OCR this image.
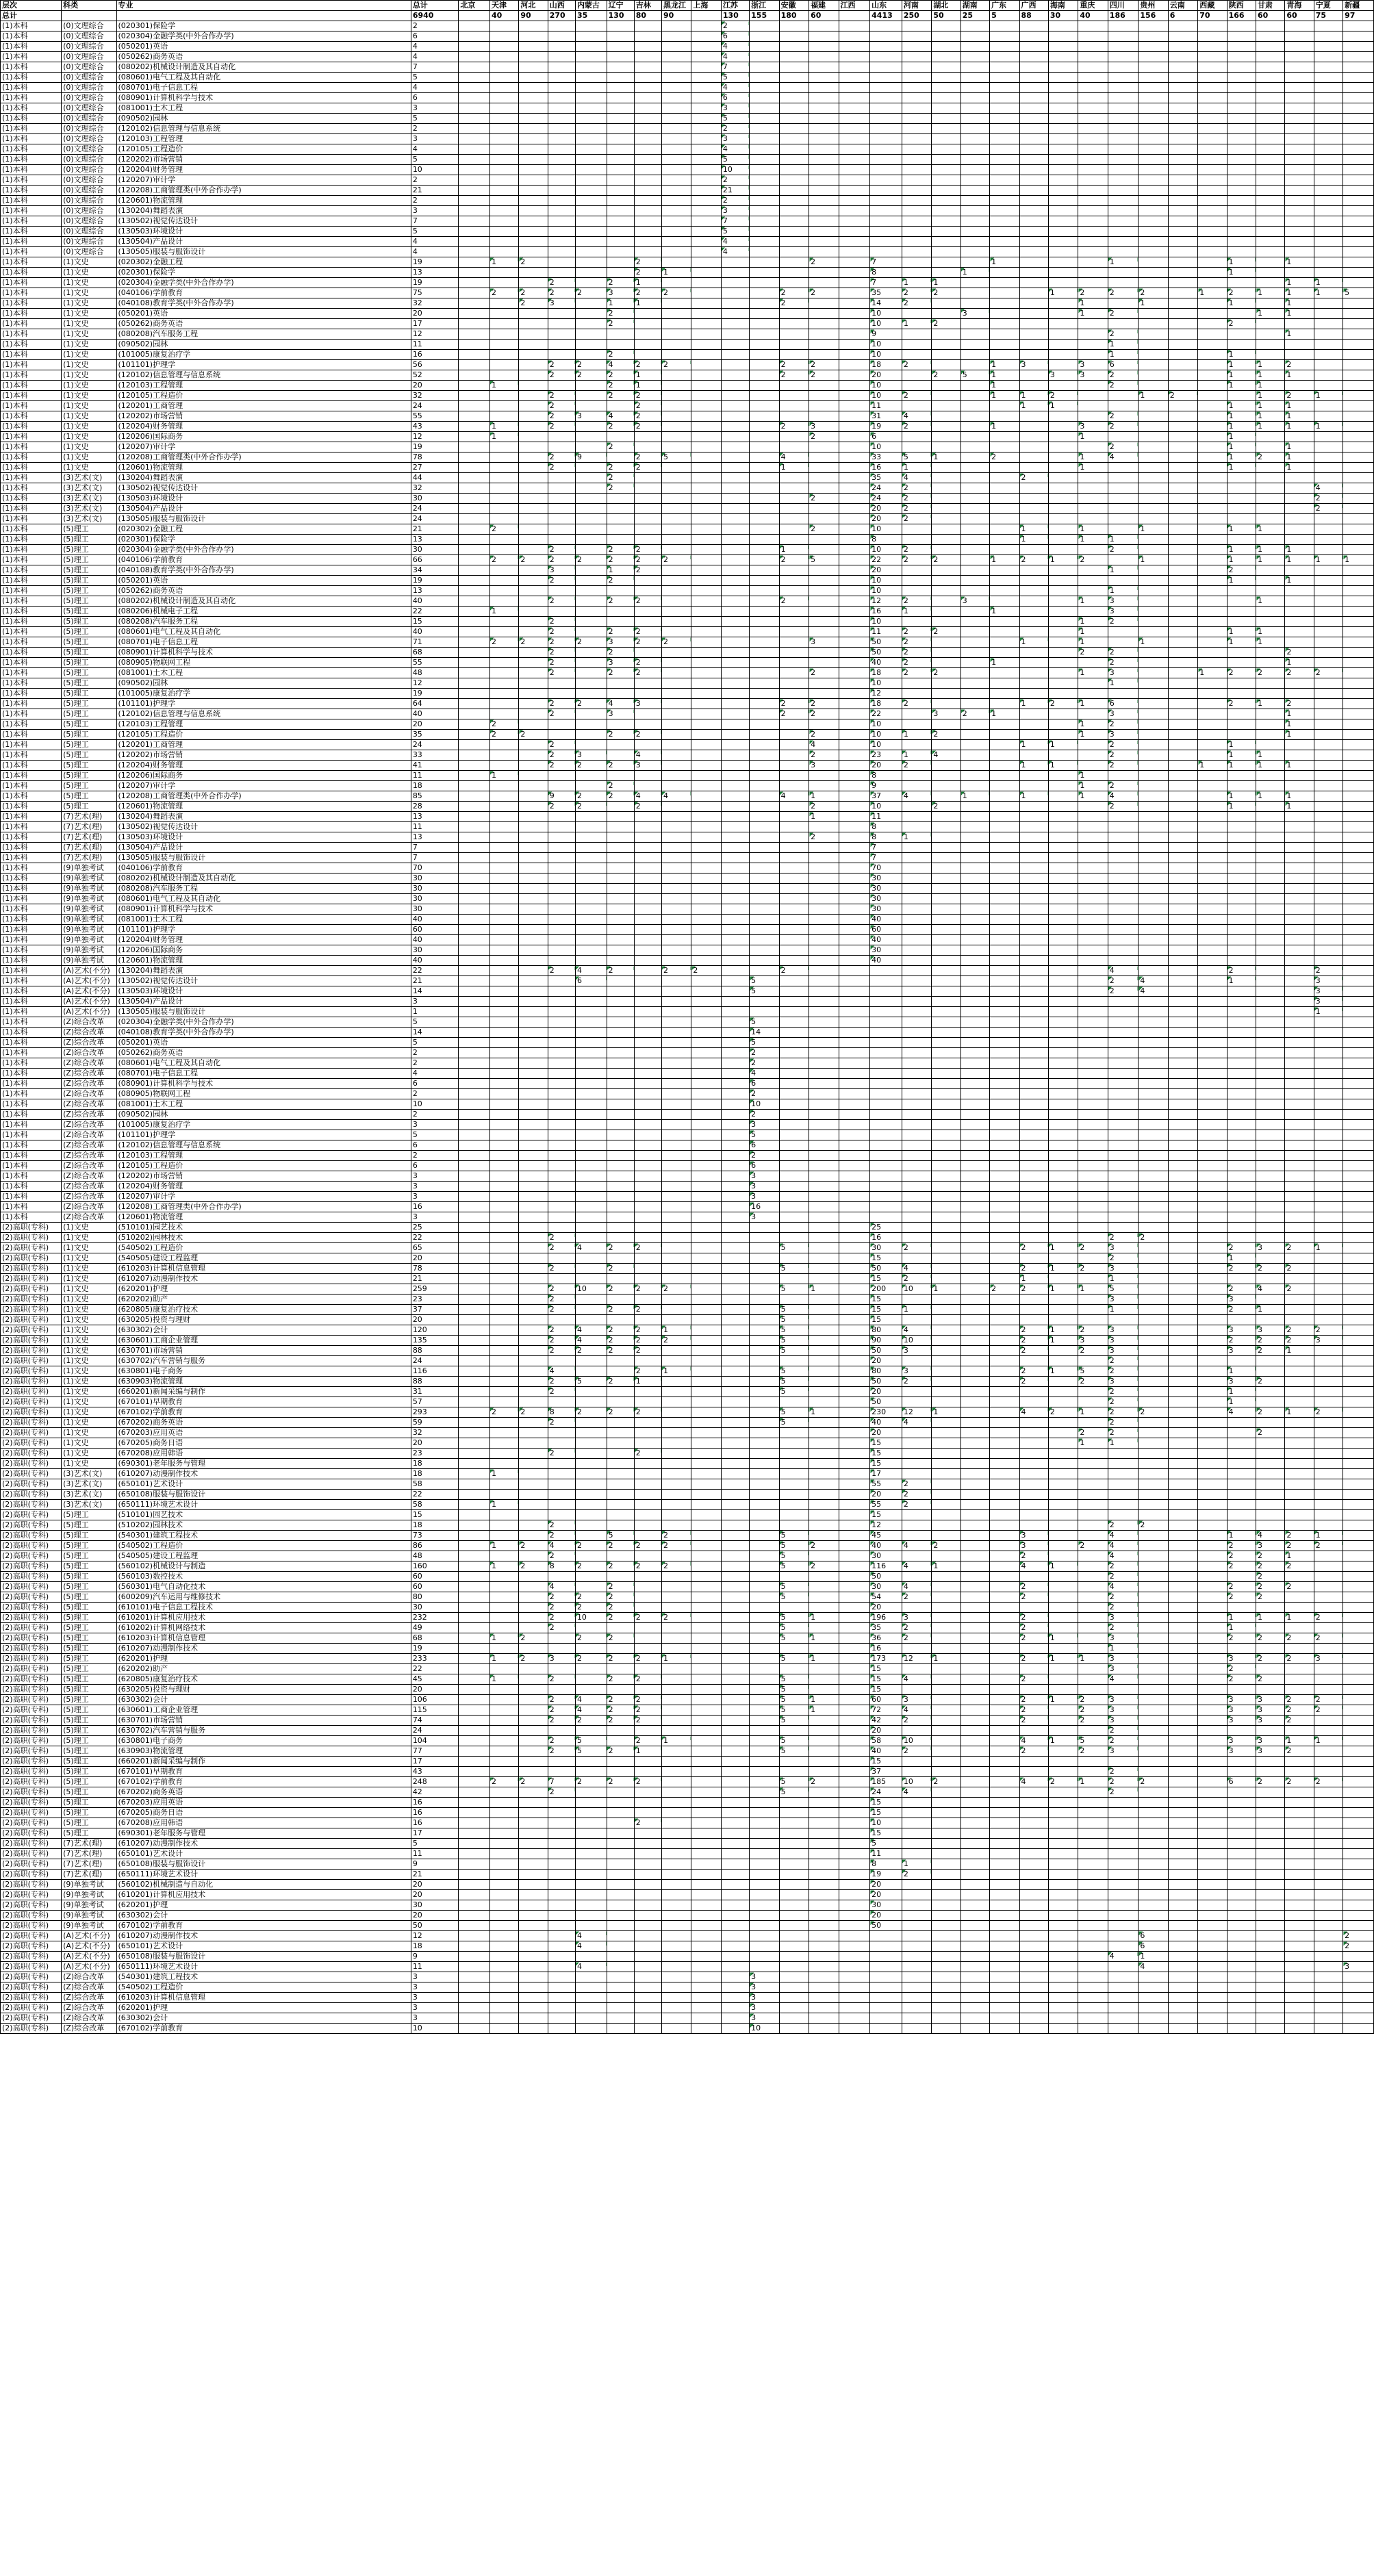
层次	科类	专业	总计	北京	天津	河北	山西	内蒙古	辽宁	吉林	黑龙江	上海	江苏	浙江	安徽	福建	江西	山东	河南	湖北	湖南	广东	广西	海南	重庆	四川	贵州	云南	西藏	陕西	甘肃	青海	宁夏	新疆
总计			6940		40	90	270	35	130	80	90		130	155	180	60		4413	250	50	25	5	88	30	40	186	156	6	70	166	60	60	75	97
(1)本科	(0)文理综合	(020301)保险学	2										2																					
(1)本科	(0)文理综合	(020304)金融学类(中外合作办学)	6										6																					
(1)本科	(0)文理综合	(050201)英语	4										4																					
(1)本科	(0)文理综合	(050262)商务英语	4										4																					
(1)本科	(0)文理综合	(080202)机械设计制造及其自动化	7										7																					
(1)本科	(0)文理综合	(080601)电气工程及其自动化	5										5																					
(1)本科	(0)文理综合	(080701)电子信息工程	4										4																					
(1)本科	(0)文理综合	(080901)计算机科学与技术	6										6																					
(1)本科	(0)文理综合	(081001)土木工程	3										3																					
(1)本科	(0)文理综合	(090502)园林	5										5																					
(1)本科	(0)文理综合	(120102)信息管理与信息系统	2										2																					
(1)本科	(0)文理综合	(120103)工程管理	3										3																					
(1)本科	(0)文理综合	(120105)工程造价	4										4																					
(1)本科	(0)文理综合	(120202)市场营销	5										5																					
(1)本科	(0)文理综合	(120204)财务管理	10										10																					
(1)本科	(0)文理综合	(120207)审计学	2										2																					
(1)本科	(0)文理综合	(120208)工商管理类(中外合作办学)	21										21																					
(1)本科	(0)文理综合	(120601)物流管理	2										2																					
(1)本科	(0)文理综合	(130204)舞蹈表演	3										3																					
(1)本科	(0)文理综合	(130502)视觉传达设计	7										7																					
(1)本科	(0)文理综合	(130503)环境设计	5										5																					
(1)本科	(0)文理综合	(130504)产品设计	4										4																					
(1)本科	(0)文理综合	(130505)服装与服饰设计	4										4																					
(1)本科	(1)文史	(020302)金融工程	19		1	2				2						2		7				1				1				1		1		
(1)本科	(1)文史	(020301)保险学	13							2	1							8			1									1				
(1)本科	(1)文史	(020304)金融学类(中外合作办学)	19				2		2	1								7	1	1												1	1	
(1)本科	(1)文史	(040106)学前教育	75		2	2	2	2	3	2	2				2	2		35	2	2				1	2	2	2		1	2	1	1	1	5
(1)本科	(1)文史	(040108)教育学类(中外合作办学)	32			2	3		1	1					2			14	2						1		1			1		1		
(1)本科	(1)文史	(050201)英语	20						2									10			3				1	2					1	1		
(1)本科	(1)文史	(050262)商务英语	17						2									10	1	2										2				
(1)本科	(1)文史	(080208)汽车服务工程	12															9								2						1		
(1)本科	(1)文史	(090502)园林	11															10								1								
(1)本科	(1)文史	(101005)康复治疗学	16						2									10								1				1				
(1)本科	(1)文史	(101101)护理学	56				2	2	4	2	2				2	2		18	2			1	3		3	6				1	1	2		
(1)本科	(1)文史	(120102)信息管理与信息系统	52				2	2	2	1					2	2		20		2	5	1		3	3	2				1	1	1		
(1)本科	(1)文史	(120103)工程管理	20		1				2	1								10				1				2				1	1			
(1)本科	(1)文史	(120105)工程造价	32				2		2	2								10	2			1	1	2			1	2			1	2	1	
(1)本科	(1)文史	(120201)工商管理	24				2			2								11					1	1						1	1	1		
(1)本科	(1)文史	(120202)市场营销	55				2	3	4	2								31	4							2				1	1	1		
(1)本科	(1)文史	(120204)财务管理	43		1		2		2	2					2	3		19	2			1			3	2				1	1	1	1	
(1)本科	(1)文史	(120206)国际商务	12		1											2		6							1					1				
(1)本科	(1)文史	(120207)审计学	19						2									10								2				1		1		
(1)本科	(1)文史	(120208)工商管理类(中外合作办学)	78				2	9		2	5				4			33	5	1		2			1	4				1	2	1		
(1)本科	(1)文史	(120601)物流管理	27				2		2	2					1			16	1						1					1		1		
(1)本科	(3)艺术(文)	(130204)舞蹈表演	44						2									35	4				2											
(1)本科	(3)艺术(文)	(130502)视觉传达设计	32						2									24	2														4	
(1)本科	(3)艺术(文)	(130503)环境设计	30													2		24	2														2	
(1)本科	(3)艺术(文)	(130504)产品设计	24															20	2														2	
(1)本科	(3)艺术(文)	(130505)服装与服饰设计	24															20	2															
(1)本科	(5)理工	(020302)金融工程	21		2											2		10					1		1		1			1	1			
(1)本科	(5)理工	(020301)保险学	13															8					1		1	1								
(1)本科	(5)理工	(020304)金融学类(中外合作办学)	30				2		2	2					1			10	2							2				1	1	1		
(1)本科	(5)理工	(040106)学前教育	66		2	2	2	2	2	2	2				2	5		22	2	2		1	2	1	2		1			1	1	1	1	1
(1)本科	(5)理工	(040108)教育学类(中外合作办学)	34				3		1	2								20								1				2				
(1)本科	(5)理工	(050201)英语	19				2		2									10												1		1		
(1)本科	(5)理工	(050262)商务英语	13															10								1								
(1)本科	(5)理工	(080202)机械设计制造及其自动化	40				2		2	2					2			12	2		3				1	3					1			
(1)本科	(5)理工	(080206)机械电子工程	22		1													16	1			1				3								
(1)本科	(5)理工	(080208)汽车服务工程	15				2											10							1	2								
(1)本科	(5)理工	(080601)电气工程及其自动化	40				2		2	2								11	2	2					1					1	1			
(1)本科	(5)理工	(080701)电子信息工程	71		2	2	2	2	3	2	2					3		50	2				1		1		1			1	1			
(1)本科	(5)理工	(080901)计算机科学与技术	68				2		2									50	2						2	2						2		
(1)本科	(5)理工	(080905)物联网工程	55				2		3	2								40	2			1				2						1		
(1)本科	(5)理工	(081001)土木工程	48				2		2	2						2		18	2	2					1	3			1	2	2	2	2	
(1)本科	(5)理工	(090502)园林	12															10								1								
(1)本科	(5)理工	(101005)康复治疗学	19															12																
(1)本科	(5)理工	(101101)护理学	64				2	2	4	3					2	2		18	2				1	2	1	6				2	1	2		
(1)本科	(5)理工	(120102)信息管理与信息系统	40				2		3						2	2		22		3	2	1				3						1		
(1)本科	(5)理工	(120103)工程管理	20		2													10							1	2						1		
(1)本科	(5)理工	(120105)工程造价	35		2	2			2	2						2		10	1	2					1	3						1		
(1)本科	(5)理工	(120201)工商管理	24				2									4		10					1	1		2				1				
(1)本科	(5)理工	(120202)市场营销	33				2	3		4						2		23	1	4						2				1	1			
(1)本科	(5)理工	(120204)财务管理	41				2	2	2	3						3		20	2				1	1		2			1	1	1	1		
(1)本科	(5)理工	(120206)国际商务	11		1													8							1									
(1)本科	(5)理工	(120207)审计学	18						2									9							1	2								
(1)本科	(5)理工	(120208)工商管理类(中外合作办学)	85				9	2	2	4	4				4	1		37	4		1		1		1	4				1	1	1		
(1)本科	(5)理工	(120601)物流管理	28				2	2		2						2		10		2						2				1		1		
(1)本科	(7)艺术(理)	(130204)舞蹈表演	13													1		11																
(1)本科	(7)艺术(理)	(130502)视觉传达设计	11															8																
(1)本科	(7)艺术(理)	(130503)环境设计	13													2		8	1															
(1)本科	(7)艺术(理)	(130504)产品设计	7															7																
(1)本科	(7)艺术(理)	(130505)服装与服饰设计	7															7																
(1)本科	(9)单独考试	(040106)学前教育	70															70																
(1)本科	(9)单独考试	(080202)机械设计制造及其自动化	30															30																
(1)本科	(9)单独考试	(080208)汽车服务工程	30															30																
(1)本科	(9)单独考试	(080601)电气工程及其自动化	30															30																
(1)本科	(9)单独考试	(080901)计算机科学与技术	30															30																
(1)本科	(9)单独考试	(081001)土木工程	40															40																
(1)本科	(9)单独考试	(101101)护理学	60															60																
(1)本科	(9)单独考试	(120204)财务管理	40															40																
(1)本科	(9)单独考试	(120206)国际商务	30															30																
(1)本科	(9)单独考试	(120601)物流管理	40															40																
(1)本科	(A)艺术(不分)	(130204)舞蹈表演	22				2	4	2		2	2			2											4				2			2	
(1)本科	(A)艺术(不分)	(130502)视觉传达设计	21					6						5												2	4			1			3	
(1)本科	(A)艺术(不分)	(130503)环境设计	14											5												2	4						3	
(1)本科	(A)艺术(不分)	(130504)产品设计	3																														3	
(1)本科	(A)艺术(不分)	(130505)服装与服饰设计	1																														1	
(1)本科	(Z)综合改革	(020304)金融学类(中外合作办学)	5											5																				
(1)本科	(Z)综合改革	(040108)教育学类(中外合作办学)	14											14																				
(1)本科	(Z)综合改革	(050201)英语	5											5																				
(1)本科	(Z)综合改革	(050262)商务英语	2											2																				
(1)本科	(Z)综合改革	(080601)电气工程及其自动化	2											2																				
(1)本科	(Z)综合改革	(080701)电子信息工程	4											4																				
(1)本科	(Z)综合改革	(080901)计算机科学与技术	6											6																				
(1)本科	(Z)综合改革	(080905)物联网工程	2											2																				
(1)本科	(Z)综合改革	(081001)土木工程	10											10																				
(1)本科	(Z)综合改革	(090502)园林	2											2																				
(1)本科	(Z)综合改革	(101005)康复治疗学	3											3																				
(1)本科	(Z)综合改革	(101101)护理学	5											5																				
(1)本科	(Z)综合改革	(120102)信息管理与信息系统	6											6																				
(1)本科	(Z)综合改革	(120103)工程管理	2											2																				
(1)本科	(Z)综合改革	(120105)工程造价	6											6																				
(1)本科	(Z)综合改革	(120202)市场营销	3											3																				
(1)本科	(Z)综合改革	(120204)财务管理	3											3																				
(1)本科	(Z)综合改革	(120207)审计学	3											3																				
(1)本科	(Z)综合改革	(120208)工商管理类(中外合作办学)	16											16																				
(1)本科	(Z)综合改革	(120601)物流管理	3											3																				
(2)高职(专科)	(1)文史	(510101)园艺技术	25															25																
(2)高职(专科)	(1)文史	(510202)园林技术	22				2											16								2	2							
(2)高职(专科)	(1)文史	(540502)工程造价	65				2	4	2	2					5			30	2				2	1	2	3				2	3	2	1	
(2)高职(专科)	(1)文史	(540505)建设工程监理	20															15								2				1				
(2)高职(专科)	(1)文史	(610203)计算机信息管理	78				2		2						5			50	4				2	1	2	3				2	2	2		
(2)高职(专科)	(1)文史	(610207)动漫制作技术	21															15	2				1			1								
(2)高职(专科)	(1)文史	(620201)护理	259				2	10	2	2	2				5	1		200	10	1		2	2	1	1	5				2	4	2		
(2)高职(专科)	(1)文史	(620202)助产	23				2											15								3				3				
(2)高职(专科)	(1)文史	(620805)康复治疗技术	37				2		2	2					5			15	1							1				2	1			
(2)高职(专科)	(1)文史	(630205)投资与理财	20												5			15																
(2)高职(专科)	(1)文史	(630302)会计	120				2	4	2	2	1				5			80	4				2	1	2	3				3	3	2	2	
(2)高职(专科)	(1)文史	(630601)工商企业管理	135				2	4	2	2	2				5			90	10				2	1	3	3				2	2	2	3	
(2)高职(专科)	(1)文史	(630701)市场营销	88				2	2	2	2					5			50	3				2		2	3				3	2	1		
(2)高职(专科)	(1)文史	(630702)汽车营销与服务	24															20								2								
(2)高职(专科)	(1)文史	(630801)电子商务	116				4			2	1				5			80	3				2	1	5	2				1				
(2)高职(专科)	(1)文史	(630903)物流管理	88				2	5	2	1					5			50	2				2		2	3				3	2			
(2)高职(专科)	(1)文史	(660201)新闻采编与制作	31				2								5			20								2				1				
(2)高职(专科)	(1)文史	(670101)早期教育	57															50								2				1				
(2)高职(专科)	(1)文史	(670102)学前教育	293		2	2	8	2	2	2					5	1		230	12	1			4	2	1	2	2			4	2	1	2	
(2)高职(专科)	(1)文史	(670202)商务英语	59				2								5			40	4							2								
(2)高职(专科)	(1)文史	(670203)应用英语	32															20							2	2					2			
(2)高职(专科)	(1)文史	(670205)商务日语	20															15							1	1								
(2)高职(专科)	(1)文史	(670208)应用韩语	23				2			2								15																
(2)高职(专科)	(1)文史	(690301)老年服务与管理	18															15																
(2)高职(专科)	(3)艺术(文)	(610207)动漫制作技术	18		1													17																
(2)高职(专科)	(3)艺术(文)	(650101)艺术设计	58															55	2															
(2)高职(专科)	(3)艺术(文)	(650108)服装与服饰设计	22															20	2															
(2)高职(专科)	(3)艺术(文)	(650111)环境艺术设计	58		1													55	2															
(2)高职(专科)	(5)理工	(510101)园艺技术	15															15																
(2)高职(专科)	(5)理工	(510202)园林技术	18				2											12								2	2							
(2)高职(专科)	(5)理工	(540301)建筑工程技术	73				2		5		2				5			45					3			4				1	4	2	1	
(2)高职(专科)	(5)理工	(540502)工程造价	86		1	2	4	2	2	2	2				5	2		40	4	2			3		2	4				2	3	2	2	
(2)高职(专科)	(5)理工	(540505)建设工程监理	48				2								5			30					2			4				2	2	1		
(2)高职(专科)	(5)理工	(560102)机械设计与制造	160		1	2	8	2	2	2	2				5	2		116	4	1			4	1		2				2	2	2		
(2)高职(专科)	(5)理工	(560103)数控技术	60															50								2					2			
(2)高职(专科)	(5)理工	(560301)电气自动化技术	60				4		2						5			30	4				2			4				2	2	2		
(2)高职(专科)	(5)理工	(600209)汽车运用与维修技术	80				2	2	2						5			54	2				2			2				2	2			
(2)高职(专科)	(5)理工	(610101)电子信息工程技术	30				2	2	2									20								2								
(2)高职(专科)	(5)理工	(610201)计算机应用技术	232				2	10	2	2	2				5	1		196	3				2			3				1	1	1	2	
(2)高职(专科)	(5)理工	(610202)计算机网络技术	49				2								5			35	2				2			2				1				
(2)高职(专科)	(5)理工	(610203)计算机信息管理	68		1	2		2	2						5	1		36	2				2	1		3				2	2	2	2	
(2)高职(专科)	(5)理工	(610207)动漫制作技术	19															16								1								
(2)高职(专科)	(5)理工	(620201)护理	233		1	2	3	2	2	2	1				5	1		173	12	1			2	1	1	3				3	2	2	3	
(2)高职(专科)	(5)理工	(620202)助产	22															15								3				2				
(2)高职(专科)	(5)理工	(620805)康复治疗技术	45		1		2		2	2					5			15	4				2			4				2	2			
(2)高职(专科)	(5)理工	(630205)投资与理财	20												5			15																
(2)高职(专科)	(5)理工	(630302)会计	106				2	4	2	2					5	1		60	3				2	1	2	3				3	3	2	2	
(2)高职(专科)	(5)理工	(630601)工商企业管理	115				2	4	2	2					5	1		72	4				2		2	3				3	3	2	2	
(2)高职(专科)	(5)理工	(630701)市场营销	74				2	2	2	2					5			42	2				2		2	3				3	3	2		
(2)高职(专科)	(5)理工	(630702)汽车营销与服务	24															20								2								
(2)高职(专科)	(5)理工	(630801)电子商务	104				2	5		2	1				5			58	10				4	1	5	2				3	3	1	1	
(2)高职(专科)	(5)理工	(630903)物流管理	77				2	5	2	1					5			40	2				2		2	3				3	3	2		
(2)高职(专科)	(5)理工	(660201)新闻采编与制作	17															15																
(2)高职(专科)	(5)理工	(670101)早期教育	43															37								2								
(2)高职(专科)	(5)理工	(670102)学前教育	248		2	2	7	2	2	2					5	2		185	10	2			4	2	1	2	2			6	2	2	2	
(2)高职(专科)	(5)理工	(670202)商务英语	42				2								5			24	4							2								
(2)高职(专科)	(5)理工	(670203)应用英语	16															15																
(2)高职(专科)	(5)理工	(670205)商务日语	16															15																
(2)高职(专科)	(5)理工	(670208)应用韩语	16							2								10																
(2)高职(专科)	(5)理工	(690301)老年服务与管理	17															15																
(2)高职(专科)	(7)艺术(理)	(610207)动漫制作技术	5															5																
(2)高职(专科)	(7)艺术(理)	(650101)艺术设计	11															11																
(2)高职(专科)	(7)艺术(理)	(650108)服装与服饰设计	9															8	1															
(2)高职(专科)	(7)艺术(理)	(650111)环境艺术设计	21															19	2															
(2)高职(专科)	(9)单独考试	(560102)机械制造与自动化	20															20																
(2)高职(专科)	(9)单独考试	(610201)计算机应用技术	20															20																
(2)高职(专科)	(9)单独考试	(620201)护理	30															30																
(2)高职(专科)	(9)单独考试	(630302)会计	20															20																
(2)高职(专科)	(9)单独考试	(670102)学前教育	50															50																
(2)高职(专科)	(A)艺术(不分)	(610207)动漫制作技术	12					4																			6							2
(2)高职(专科)	(A)艺术(不分)	(650101)艺术设计	18					4																			6							2
(2)高职(专科)	(A)艺术(不分)	(650108)服装与服饰设计	9																							4	1							
(2)高职(专科)	(A)艺术(不分)	(650111)环境艺术设计	11					4																			4							3
(2)高职(专科)	(Z)综合改革	(540301)建筑工程技术	3											3																				
(2)高职(专科)	(Z)综合改革	(540502)工程造价	3											3																				
(2)高职(专科)	(Z)综合改革	(610203)计算机信息管理	3											3																				
(2)高职(专科)	(Z)综合改革	(620201)护理	3											3																				
(2)高职(专科)	(Z)综合改革	(630302)会计	3											3																				
(2)高职(专科)	(Z)综合改革	(670102)学前教育	10											10																				
